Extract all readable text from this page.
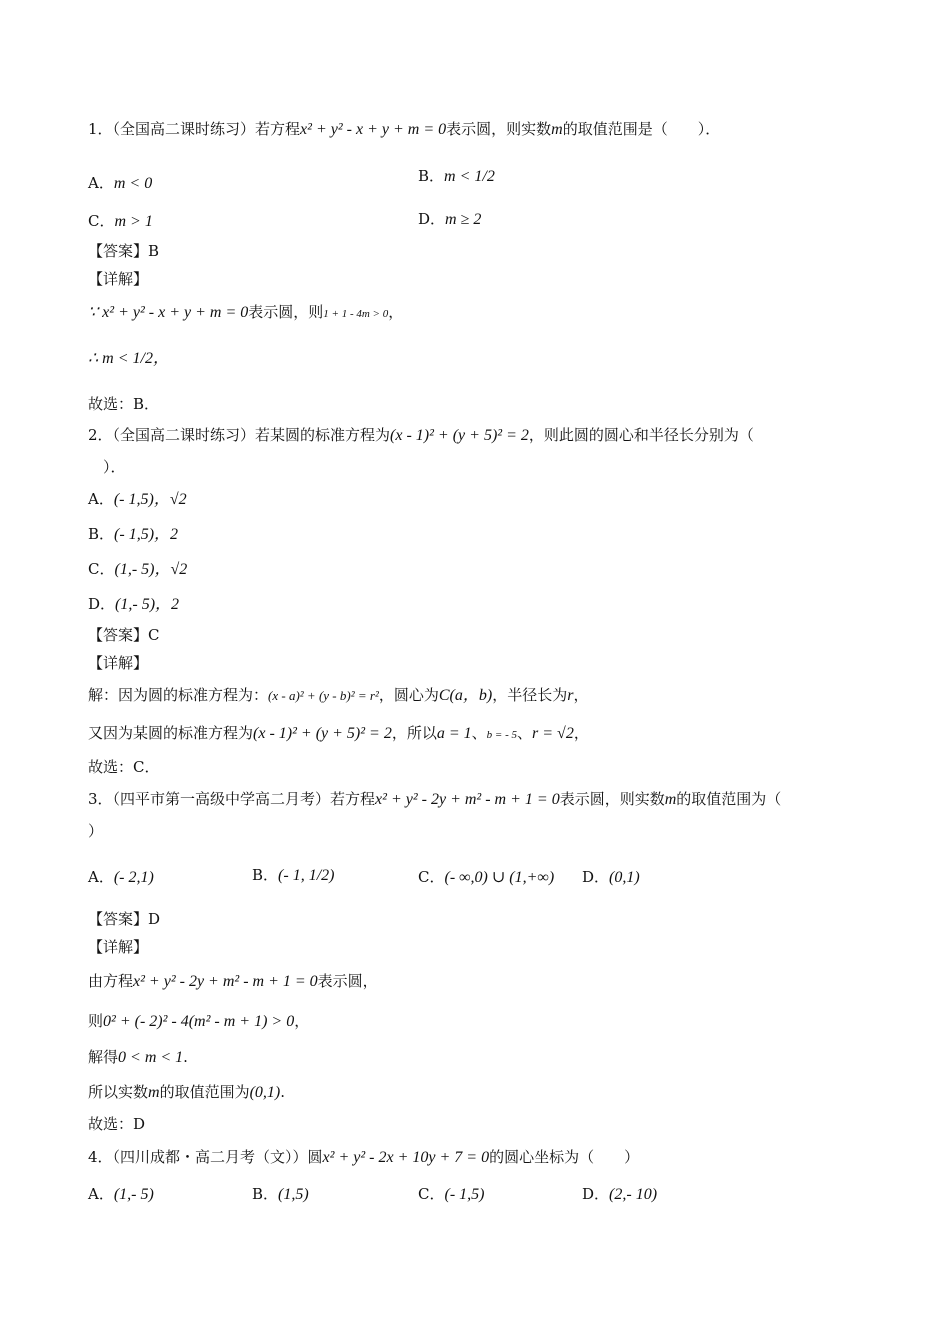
1．（全国高二课时练习）若方程x² + y² - x + y + m = 0表示圆，则实数m的取值范围是（　　）．
A．m < 0	B．m < 1/2
C．m > 1	D．m ≥ 2
【答案】B
【详解】
∵ x² + y² - x + y + m = 0表示圆，则1 + 1 - 4m > 0，
∴ m < 1/2，
故选：B．
2．（全国高二课时练习）若某圆的标准方程为(x - 1)² + (y + 5)² = 2，则此圆的圆心和半径长分别为（
　）．
A．(- 1,5)，√2
B．(- 1,5)，2
C．(1,- 5)，√2
D．(1,- 5)，2
【答案】C
【详解】
解：因为圆的标准方程为：(x - a)² + (y - b)² = r²，圆心为C(a，b)，半径长为r，
又因为某圆的标准方程为(x - 1)² + (y + 5)² = 2，所以a = 1、b = - 5、r = √2，
故选：C．
3．（四平市第一高级中学高二月考）若方程x² + y² - 2y + m² - m + 1 = 0表示圆，则实数m的取值范围为（
）
A．(- 2,1)	B．(- 1, 1/2)	C．(- ∞,0) ∪ (1,+∞) D．(0,1)
【答案】D
【详解】
由方程x² + y² - 2y + m² - m + 1 = 0表示圆，
则0² + (- 2)² - 4(m² - m + 1) > 0，
解得0 < m < 1.
所以实数m的取值范围为(0,1).
故选：D
4．（四川成都・高二月考（文））圆x² + y² - 2x + 10y + 7 = 0的圆心坐标为（　　）
A．(1,- 5)	B．(1,5)	C．(- 1,5)	D．(2,- 10)
